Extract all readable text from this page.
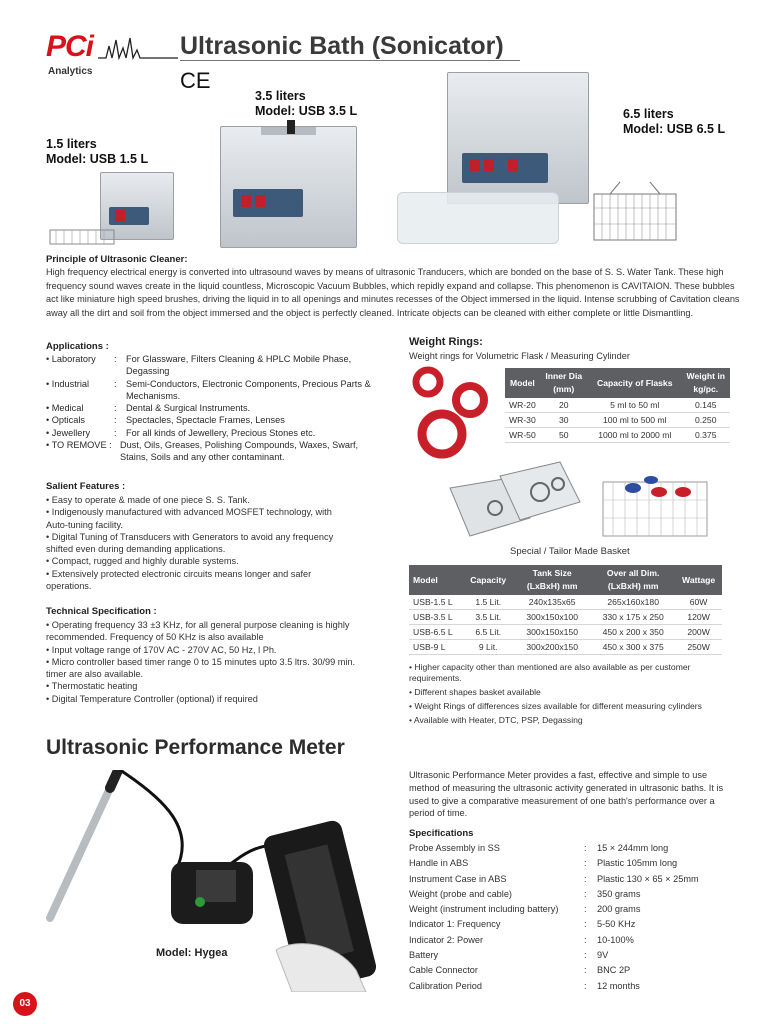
PCi
Analytics
Ultrasonic Bath (Sonicator)
CE
1.5 liters
Model: USB 1.5 L
3.5 liters
Model: USB 3.5 L	6.5 liters
Model: USB 6.5 L
Principle of Ultrasonic Cleaner:
High frequency electrical energy is converted into ultrasound waves by means of ultrasonic Tranducers, which are bonded on the base of S. S. Water Tank. These high frequency sound waves create in the liquid countless, Microscopic Vacuum Bubbles, which repidly expand and collapse. This phenomenon is CAVITAION. These bubbles act like miniature high speed brushes, driving the liquid in to all openings and minutes recesses of the Object immersed in the liquid. Intense scrubbing of Cavitation cleans away all the dirt and soil from the object immersed and the object is perfectly cleaned. Intricate objects can be cleaned with either complete or little Dismantling.
Applications :
• Laboratory	:	For Glassware, Filters Cleaning & HPLC Mobile Phase, Degassing
• Industrial	:	Semi-Conductors, Electronic Components, Precious Parts & Mechanisms.
• Medical	:	Dental & Surgical Instruments.
• Opticals	:	Spectacles, Spectacle Frames, Lenses
• Jewellery	:	For all kinds of Jewellery, Precious Stones etc.
• TO REMOVE : Dust, Oils, Greases, Polishing Compounds, Waxes, Swarf, Stains, Soils and any other contaminant.
Salient Features :
• Easy to operate & made of one piece S. S. Tank.
• Indigenously manufactured with advanced MOSFET technology, with Auto-tuning facility.
• Digital Tuning of Transducers with Generators to avoid any frequency shifted even during demanding applications.
• Compact, rugged and highly durable systems.
• Extensively protected electronic circuits means longer and safer operations.
Technical Specification :
• Operating frequency 33 ±3 KHz, for all general purpose cleaning is highly recommended. Frequency of 50 KHz is also available
• Input voltage range of 170V AC - 270V AC, 50 Hz, l Ph.
• Micro controller based timer range 0 to 15 minutes upto 3.5 ltrs. 30/99 min. timer are also available.
• Thermostatic heating
• Digital Temperature Controller (optional) if required
Weight Rings:
Weight rings for Volumetric Flask / Measuring Cylinder
Model	Inner Dia (mm)	Capacity of Flasks	Weight in kg/pc.
WR-20	20	5 ml to 50 ml	0.145
WR-30	30	100 ml to 500 ml	0.250
WR-50	50	1000 ml to 2000 ml	0.375
Special / Tailor Made Basket
Model	Capacity	Tank Size (LxBxH) mm	Over all Dim. (LxBxH) mm	Wattage
USB-1.5 L	1.5 Lit.	240x135x65	265x160x180	60W
USB-3.5 L	3.5 Lit.	300x150x100	330 x 175 x 250	120W
USB-6.5 L	6.5 Lit.	300x150x150	450 x 200 x 350	200W
USB-9 L	9 Lit.	300x200x150	450 x 300 x 375	250W
• Higher capacity other than mentioned are also available as per customer requirements.
• Different shapes basket available
• Weight Rings of differences sizes available for different measuring cylinders
• Available with Heater, DTC, PSP, Degassing
Ultrasonic Performance Meter
Ultrasonic Performance Meter provides a fast, effective and simple to use method of measuring the ultrasonic activity generated in ultrasonic baths. It is used to give a comparative measurement of one bath's performance over a period of time.
Model: Hygea
Specifications
Probe Assembly in SS	: 15 × 244mm long
Handle in ABS	: Plastic 105mm long
Instrument Case in ABS	: Plastic 130 × 65 × 25mm
Weight (probe and cable)	: 350 grams
Weight (instrument including battery)	: 200 grams
Indicator 1: Frequency	: 5-50 KHz
Indicator 2: Power	: 10-100%
Battery	: 9V
Cable Connector	: BNC 2P
Calibration Period	: 12 months
03
